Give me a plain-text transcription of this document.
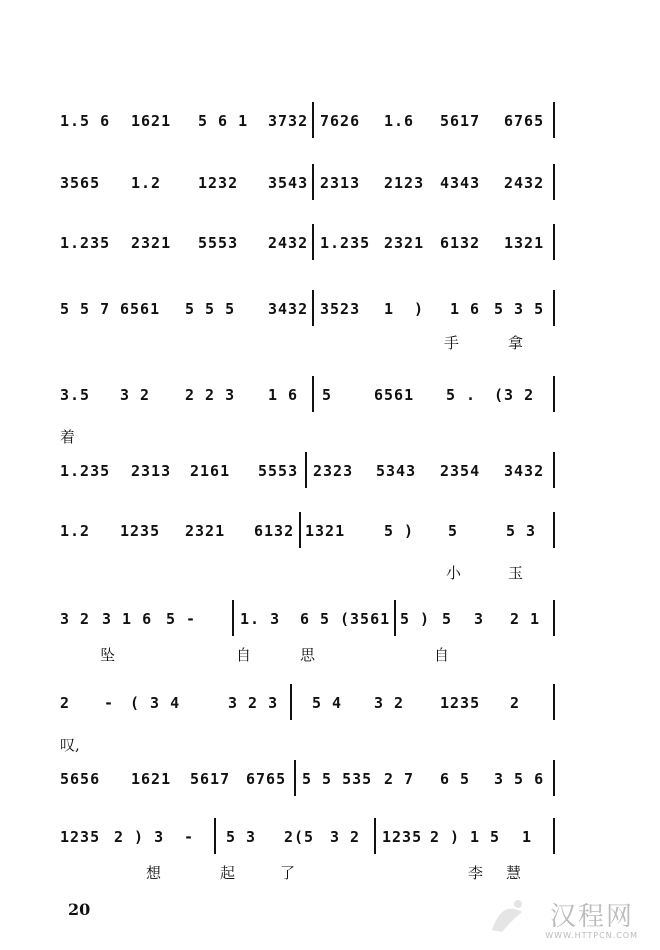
1.5 6 1621 5 6 1 3732 7626 1.6 5617 6765
3565 1.2 1232 3543 2313 2123 4343 2432
1.235 2321 5553 2432 1.235 2321 6132 1321
5 5 7 6561 5 5 5 3432 3523 1 ) 1 6 5 3 5
手	拿
3.5 3 2 2 2 3 1 6 5	6561 5 . (3 2
着
1.235 2313 2161 5553 2323 5343 2354 3432
1.2 1235 2321 6132 1321	5 ) 5	5 3
小	玉
3 2 3 1 6 5 -	1. 3 6 5 (3561 5 ) 5 3 2 1
坠	自	思	自
2 - ( 3 4	3 2 3 5 4 3 2 1235 2
叹,
5656 1621 5617 6765 5 5 535 2 7 6 5 3 5 6
1235 2 ) 3 - 5 3 2(5 3 2 1235 2 ) 1 5 1
想	起	了	李 慧
20	汉程网
WWW.HTTPCN.COM
